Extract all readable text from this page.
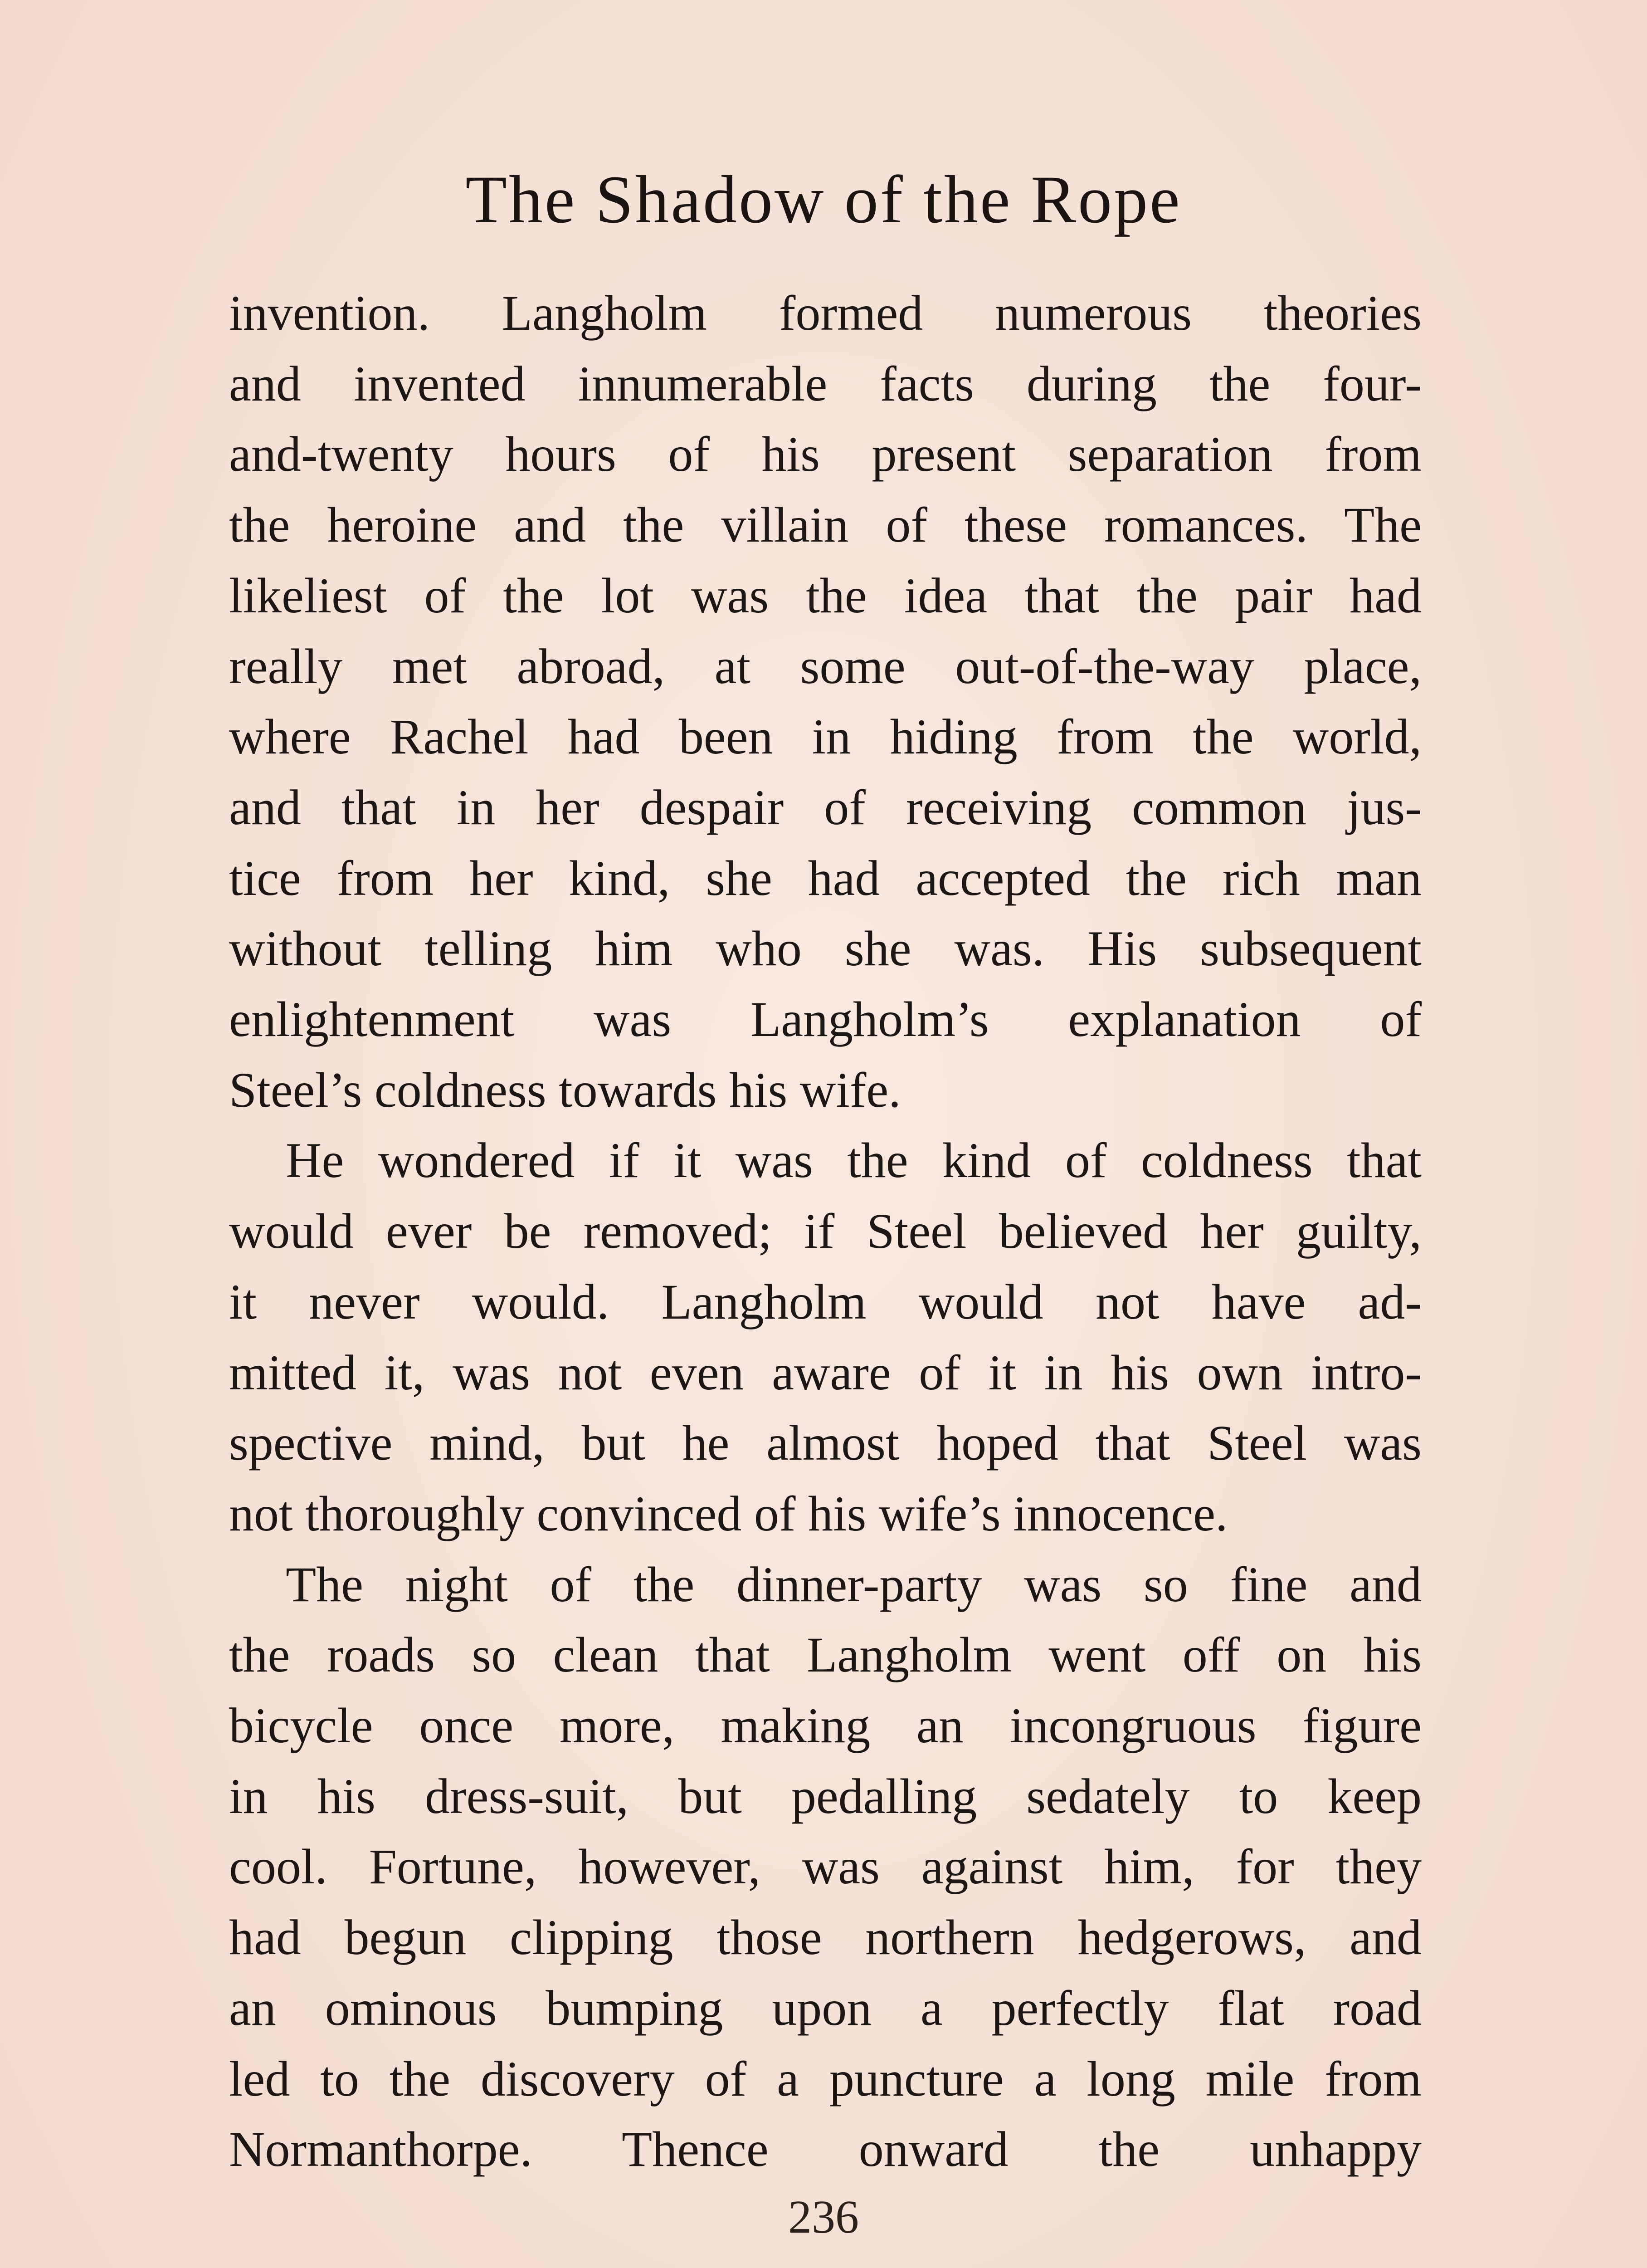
The Shadow of the Rope
invention. Langholm formed numerous theories
and invented innumerable facts during the four-
and-twenty hours of his present separation from
the heroine and the villain of these romances. The
likeliest of the lot was the idea that the pair had
really met abroad, at some out-of-the-way place,
where Rachel had been in hiding from the world,
and that in her despair of receiving common jus-
tice from her kind, she had accepted the rich man
without telling him who she was. His subsequent
enlightenment was Langholm’s explanation of
Steel’s coldness towards his wife.
He wondered if it was the kind of coldness that
would ever be removed; if Steel believed her guilty,
it never would. Langholm would not have ad-
mitted it, was not even aware of it in his own intro-
spective mind, but he almost hoped that Steel was
not thoroughly convinced of his wife’s innocence.
The night of the dinner-party was so fine and
the roads so clean that Langholm went off on his
bicycle once more, making an incongruous figure
in his dress-suit, but pedalling sedately to keep
cool. Fortune, however, was against him, for they
had begun clipping those northern hedgerows, and
an ominous bumping upon a perfectly flat road
led to the discovery of a puncture a long mile from
Normanthorpe. Thence onward the unhappy
236
